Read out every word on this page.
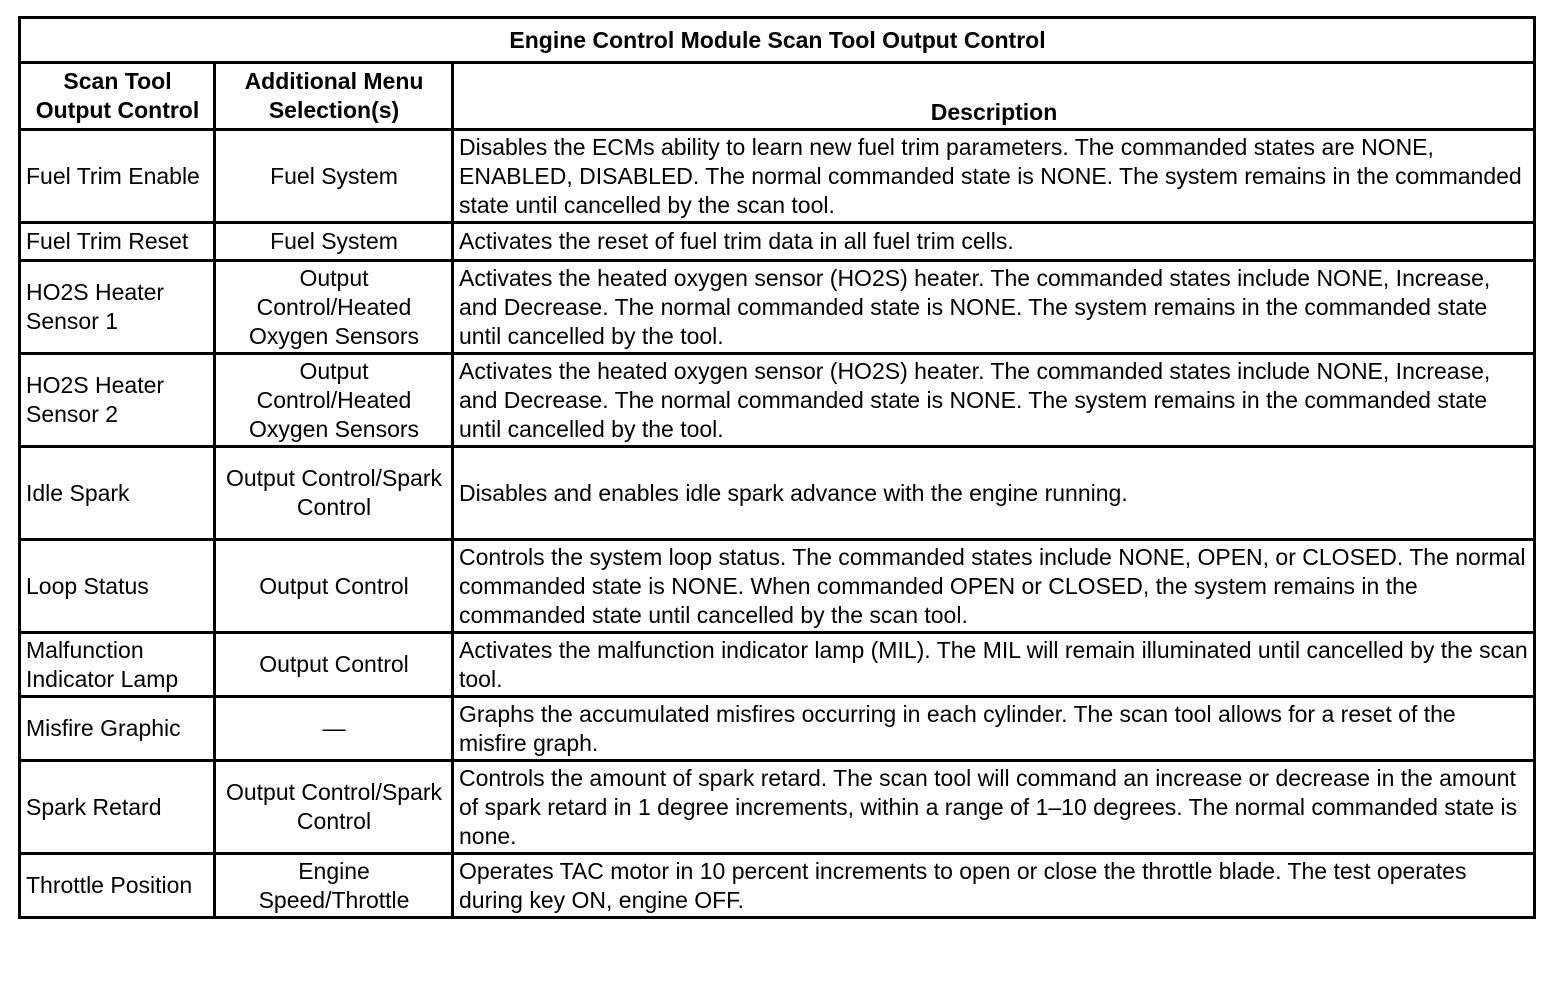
Engine Control Module Scan Tool Output Control		
Scan Tool Output Control	Additional Menu Selection(s)	Description
Fuel Trim Enable	Fuel System	Disables the ECMs ability to learn new fuel trim parameters. The commanded states are NONE, ENABLED, DISABLED. The normal commanded state is NONE. The system remains in the commanded state until cancelled by the scan tool.
Fuel Trim Reset	Fuel System	Activates the reset of fuel trim data in all fuel trim cells.
HO2S Heater Sensor 1	Output Control/Heated Oxygen Sensors	Activates the heated oxygen sensor (HO2S) heater. The commanded states include NONE, Increase, and Decrease. The normal commanded state is NONE. The system remains in the commanded state until cancelled by the tool.
HO2S Heater Sensor 2	Output Control/Heated Oxygen Sensors	Activates the heated oxygen sensor (HO2S) heater. The commanded states include NONE, Increase, and Decrease. The normal commanded state is NONE. The system remains in the commanded state until cancelled by the tool.
Idle Spark	Output Control/Spark Control	Disables and enables idle spark advance with the engine running.
Loop Status	Output Control	Controls the system loop status. The commanded states include NONE, OPEN, or CLOSED. The normal commanded state is NONE. When commanded OPEN or CLOSED, the system remains in the commanded state until cancelled by the scan tool.
Malfunction Indicator Lamp	Output Control	Activates the malfunction indicator lamp (MIL). The MIL will remain illuminated until cancelled by the scan tool.
Misfire Graphic	—	Graphs the accumulated misfires occurring in each cylinder. The scan tool allows for a reset of the misfire graph.
Spark Retard	Output Control/Spark Control	Controls the amount of spark retard. The scan tool will command an increase or decrease in the amount of spark retard in 1 degree increments, within a range of 1–10 degrees. The normal commanded state is none.
Throttle Position	Engine Speed/Throttle	Operates TAC motor in 10 percent increments to open or close the throttle blade. The test operates during key ON, engine OFF.
